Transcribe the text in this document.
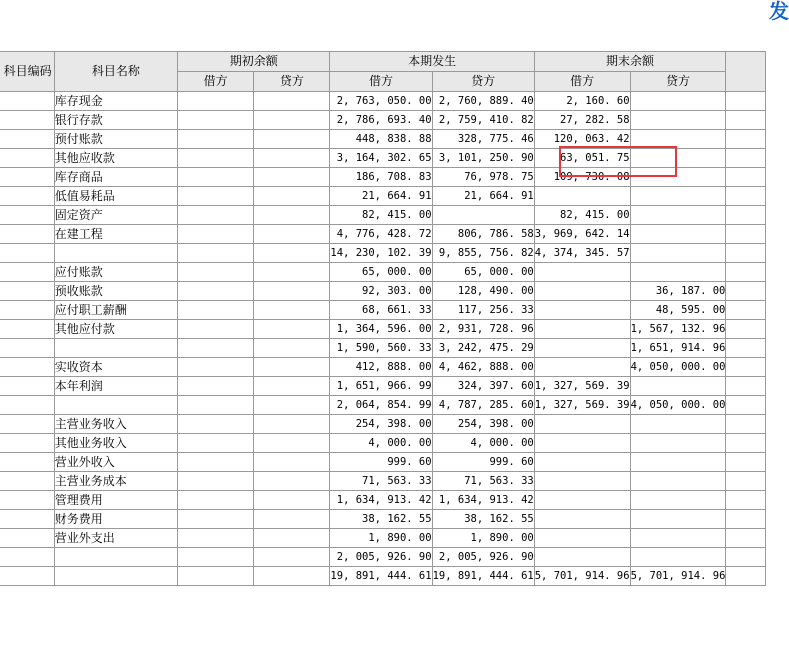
发
科目编码	科目名称	期初余额		本期发生		期末余额		
		借方	贷方	借方	贷方	借方	贷方	
	库存现金			2, 763, 050. 00	2, 760, 889. 40	2, 160. 60		
	银行存款			2, 786, 693. 40	2, 759, 410. 82	27, 282. 58		
	预付账款			448, 838. 88	328, 775. 46	120, 063. 42		
	其他应收款			3, 164, 302. 65	3, 101, 250. 90	63, 051. 75		
	库存商品			186, 708. 83	76, 978. 75	109, 730. 08		
	低值易耗品			21, 664. 91	21, 664. 91			
	固定资产			82, 415. 00		82, 415. 00		
	在建工程			4, 776, 428. 72	806, 786. 58	3, 969, 642. 14		
				14, 230, 102. 39	9, 855, 756. 82	4, 374, 345. 57		
	应付账款			65, 000. 00	65, 000. 00			
	预收账款			92, 303. 00	128, 490. 00		36, 187. 00	
	应付职工薪酬			68, 661. 33	117, 256. 33		48, 595. 00	
	其他应付款			1, 364, 596. 00	2, 931, 728. 96		1, 567, 132. 96	
				1, 590, 560. 33	3, 242, 475. 29		1, 651, 914. 96	
	实收资本			412, 888. 00	4, 462, 888. 00		4, 050, 000. 00	
	本年利润			1, 651, 966. 99	324, 397. 60	1, 327, 569. 39		
				2, 064, 854. 99	4, 787, 285. 60	1, 327, 569. 39	4, 050, 000. 00	
	主营业务收入			254, 398. 00	254, 398. 00			
	其他业务收入			4, 000. 00	4, 000. 00			
	营业外收入			999. 60	999. 60			
	主营业务成本			71, 563. 33	71, 563. 33			
	管理费用			1, 634, 913. 42	1, 634, 913. 42			
	财务费用			38, 162. 55	38, 162. 55			
	营业外支出			1, 890. 00	1, 890. 00			
				2, 005, 926. 90	2, 005, 926. 90			
				19, 891, 444. 61	19, 891, 444. 61	5, 701, 914. 96	5, 701, 914. 96	
